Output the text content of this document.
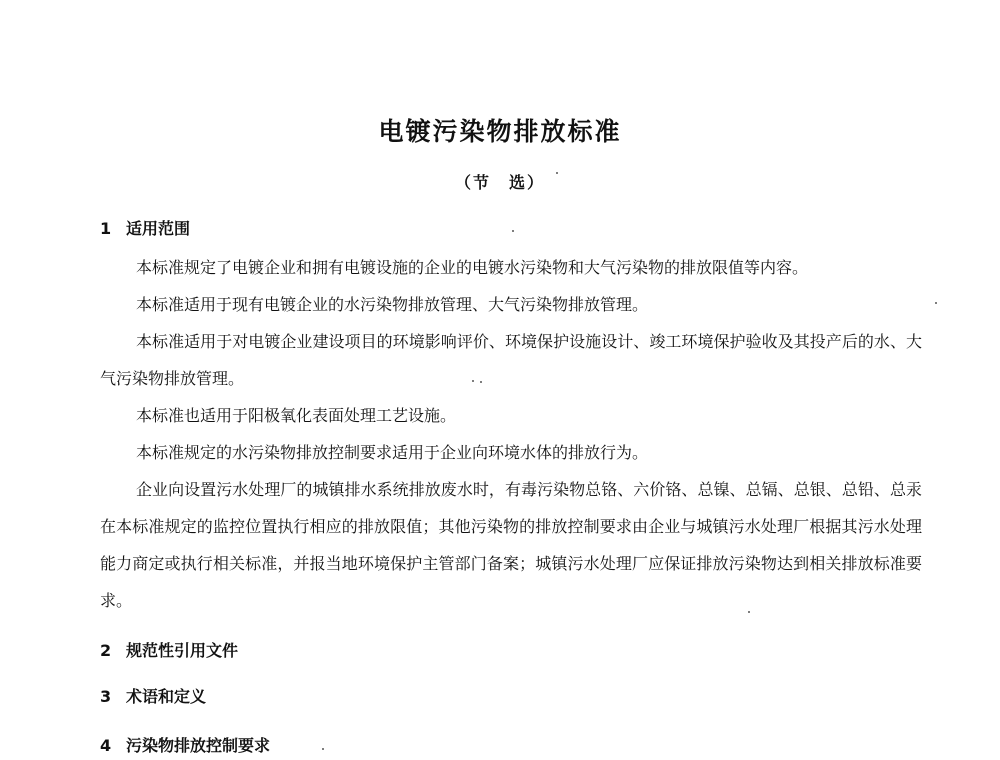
电镀污染物排放标准
（节　选）
1 适用范围

本标准规定了电镀企业和拥有电镀设施的企业的电镀水污染物和大气污染物的排放限值等内容。

本标准适用于现有电镀企业的水污染物排放管理、大气污染物排放管理。

本标准适用于对电镀企业建设项目的环境影响评价、环境保护设施设计、竣工环境保护验收及其投产后的水、大气污染物排放管理。

本标准也适用于阳极氧化表面处理工艺设施。

本标准规定的水污染物排放控制要求适用于企业向环境水体的排放行为。

企业向设置污水处理厂的城镇排水系统排放废水时，有毒污染物总铬、六价铬、总镍、总镉、总银、总铅、总汞在本标准规定的监控位置执行相应的排放限值；其他污染物的排放控制要求由企业与城镇污水处理厂根据其污水处理能力商定或执行相关标准，并报当地环境保护主管部门备案；城镇污水处理厂应保证排放污染物达到相关排放标准要求。

2 规范性引用文件
3 术语和定义
4 污染物排放控制要求
